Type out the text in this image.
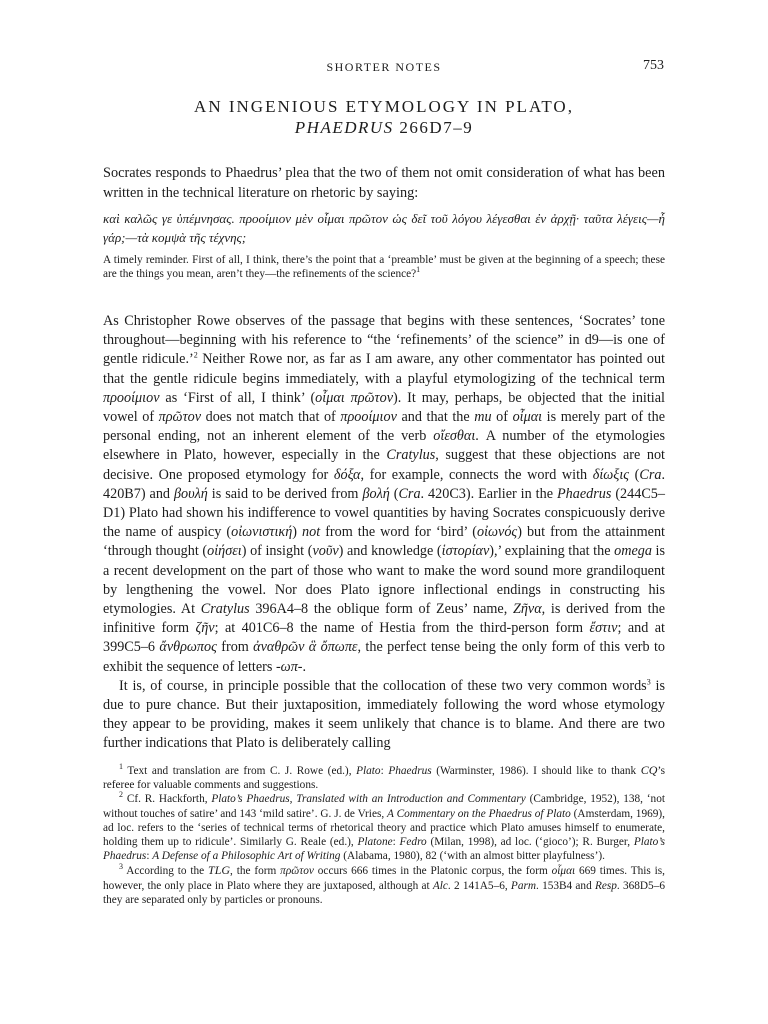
SHORTER NOTES	753
AN INGENIOUS ETYMOLOGY IN PLATO,
PHAEDRUS 266D7–9
Socrates responds to Phaedrus’ plea that the two of them not omit consideration of what has been written in the technical literature on rhetoric by saying:
καὶ καλῶς γε ὑπέμνησας. προοίμιον μὲν οἶμαι πρῶτον ὡς δεῖ τοῦ λόγου λέγεσθαι ἐν ἀρχῇ· ταῦτα λέγεις—ἦ γάρ;—τὰ κομψὰ τῆς τέχνης;
A timely reminder. First of all, I think, there’s the point that a ‘preamble’ must be given at the beginning of a speech; these are the things you mean, aren’t they—the refinements of the science?$^1$

As Christopher Rowe observes of the passage that begins with these sentences, ‘Socrates’ tone throughout—beginning with his reference to “the ‘refinements’ of the science” in d9—is one of gentle ridicule.’$^2$ Neither Rowe nor, as far as I am aware, any other commentator has pointed out that the gentle ridicule begins immediately, with a playful etymologizing of the technical term προοίμιον as ‘First of all, I think’ (οἶμαι πρῶτον). It may, perhaps, be objected that the initial vowel of πρῶτον does not match that of προοίμιον and that the mu of οἶμαι is merely part of the personal ending, not an inherent element of the verb οἴεσθαι. A number of the etymologies elsewhere in Plato, however, especially in the Cratylus, suggest that these objections are not decisive. One proposed etymology for δόξα, for example, connects the word with δίωξις (Cra. 420B7) and βουλή is said to be derived from βολή (Cra. 420C3). Earlier in the Phaedrus (244C5–D1) Plato had shown his indifference to vowel quantities by having Socrates conspicuously derive the name of auspicy (οἰωνιστική) not from the word for ‘bird’ (οἰωνός) but from the attainment ‘through thought (οἰήσει) of insight (νοῦν) and knowledge (ἱστορίαν),’ explaining that the omega is a recent development on the part of those who want to make the word sound more grandiloquent by lengthening the vowel. Nor does Plato ignore inflectional endings in constructing his etymologies. At Cratylus 396A4–8 the oblique form of Zeus’ name, Ζῆνα, is derived from the infinitive form ζῆν; at 401C6–8 the name of Hestia from the third-person form ἔστιν; and at 399C5–6 ἄνθρωπος from ἀναθρῶν ἃ ὄπωπε, the perfect tense being the only form of this verb to exhibit the sequence of letters -ωπ-.

It is, of course, in principle possible that the collocation of these two very common words$^3$ is due to pure chance. But their juxtaposition, immediately following the word whose etymology they appear to be providing, makes it seem unlikely that chance is to blame. And there are two further indications that Plato is deliberately calling

$^1$ Text and translation are from C. J. Rowe (ed.), Plato: Phaedrus (Warminster, 1986). I should like to thank CQ’s referee for valuable comments and suggestions.

$^2$ Cf. R. Hackforth, Plato’s Phaedrus, Translated with an Introduction and Commentary (Cambridge, 1952), 138, ‘not without touches of satire’ and 143 ‘mild satire’. G. J. de Vries, A Commentary on the Phaedrus of Plato (Amsterdam, 1969), ad loc. refers to the ‘series of technical terms of rhetorical theory and practice which Plato amuses himself to enumerate, holding them up to ridicule’. Similarly G. Reale (ed.), Platone: Fedro (Milan, 1998), ad loc. (‘gioco’); R. Burger, Plato’s Phaedrus: A Defense of a Philosophic Art of Writing (Alabama, 1980), 82 (‘with an almost bitter playfulness’).

$^3$ According to the TLG, the form πρῶτον occurs 666 times in the Platonic corpus, the form οἶμαι 669 times. This is, however, the only place in Plato where they are juxtaposed, although at Alc. 2 141A5–6, Parm. 153B4 and Resp. 368D5–6 they are separated only by particles or pronouns.
